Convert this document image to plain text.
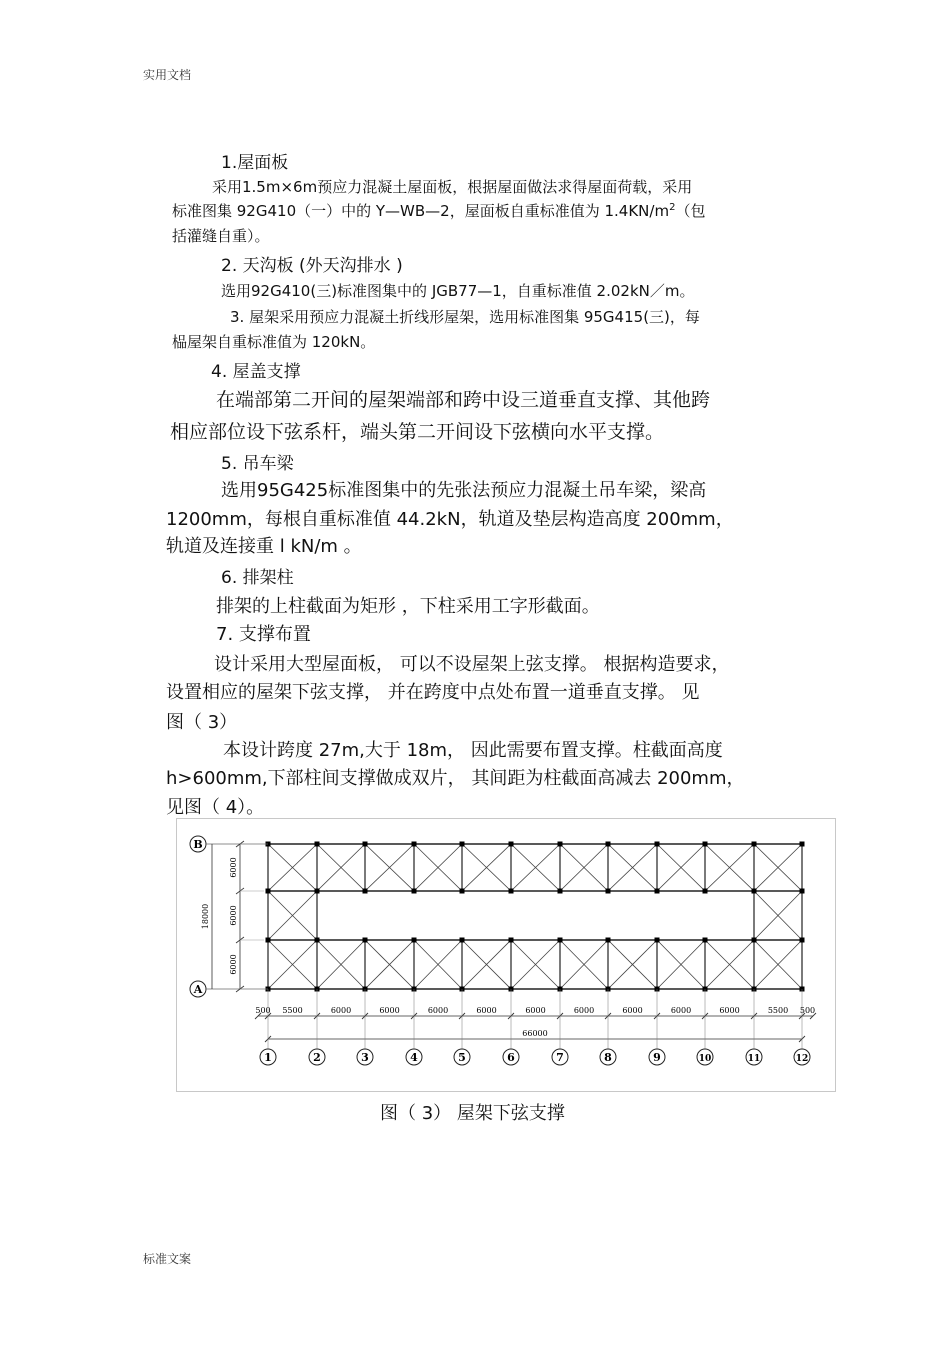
实用文档
1.屋面板
采用1.5m×6m预应力混凝土屋面板，根据屋面做法求得屋面荷载，采用
标准图集 92G410（一）中的 Y—WB—2，屋面板自重标准值为 $1.4KN/m^2$（包
括灌缝自重）。
2. 天沟板 (外天沟排水 )
选用92G410(三)标准图集中的 JGB77—1，自重标准值 2.02kN／m。
3. 屋架采用预应力混凝土折线形屋架，选用标准图集 95G415(三)，每
榀屋架自重标准值为 120kN。
4. 屋盖支撑
在端部第二开间的屋架端部和跨中设三道垂直支撑、其他跨
相应部位设下弦系杆，端头第二开间设下弦横向水平支撑。
5. 吊车梁
选用95G425标准图集中的先张法预应力混凝土吊车梁，梁高
1200mm，每根自重标准值 44.2kN，轨道及垫层构造高度 200mm，
轨道及连接重 l kN/m 。
6. 排架柱
排架的上柱截面为矩形 ，下柱采用工字形截面。
7. 支撑布置
设计采用大型屋面板， 可以不设屋架上弦支撑。 根据构造要求，
设置相应的屋架下弦支撑， 并在跨度中点处布置一道垂直支撑。 见
图（ 3）
本设计跨度 27m,大于 18m， 因此需要布置支撑。柱截面高度
h>600mm,下部柱间支撑做成双片， 其间距为柱截面高减去 200mm，
见图（ 4）。
B
A
6000
6000
6000
18000
500 5500	6000	6000	6000	6000	6000	6000	6000	6000	6000	5500 500
66000
1	2	3	4	5	6	7	8	9	10	11	12
图（ 3） 屋架下弦支撑
标准文案
